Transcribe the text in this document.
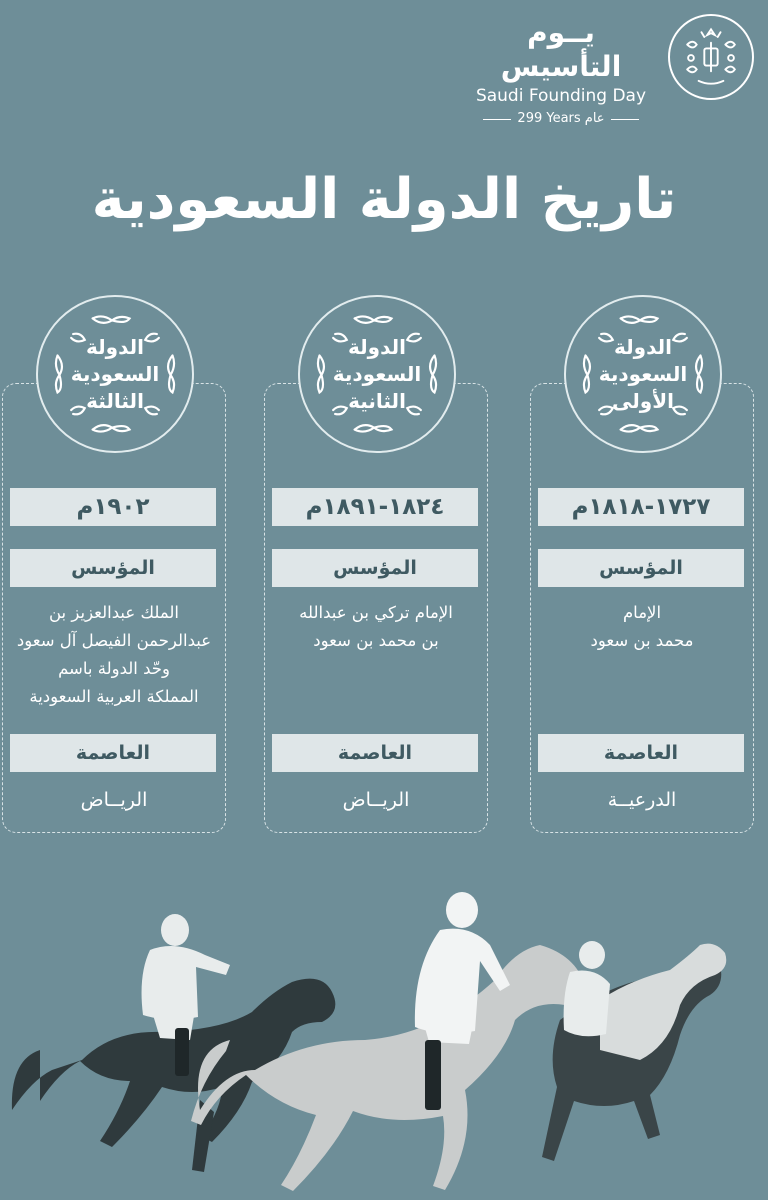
يــوم التأسيس
Saudi Founding Day
299 Years عام
تاريخ الدولة السعودية
الدولة
السعودية
الأولى
١٧٢٧-١٨١٨م
المؤسس
الإمام
محمد بن سعود
العاصمة
الدرعيــة
الدولة
السعودية
الثانية
١٨٢٤-١٨٩١م
المؤسس
الإمام تركي بن عبدالله
بن محمد بن سعود
العاصمة
الريــاض
الدولة
السعودية
الثالثة
١٩٠٢م
المؤسس
الملك عبدالعزيز بن
عبدالرحمن الفيصل آل سعود
وحّد الدولة باسم
المملكة العربية السعودية
العاصمة
الريــاض
